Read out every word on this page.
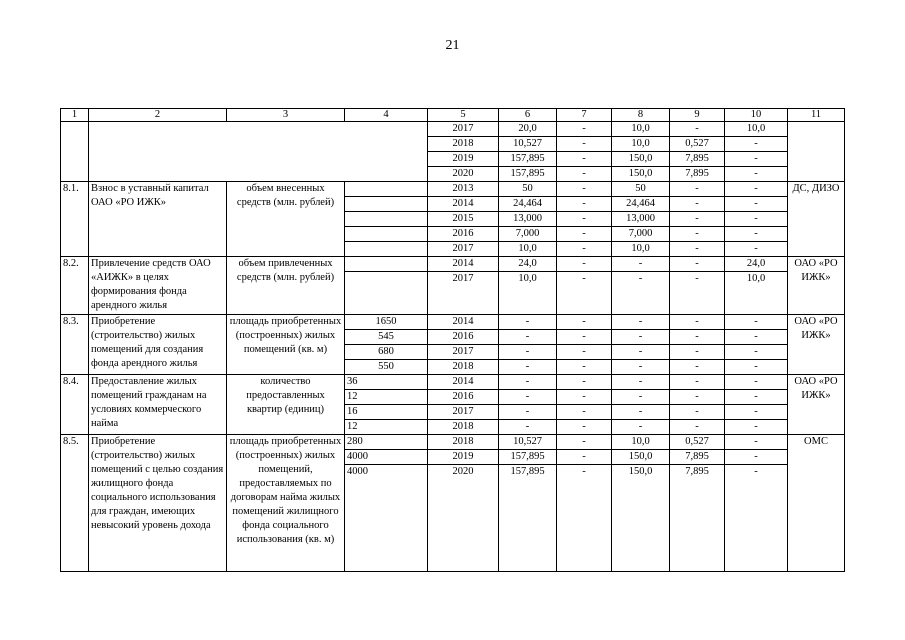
21
1	2	3	4	5	6	7	8	9	10	11
				2017	20,0	-	10,0	-	10,0	
				2018	10,527	-	10,0	0,527	-	
				2019	157,895	-	150,0	7,895	-	
				2020	157,895	-	150,0	7,895	-	
8.1.	Взнос в уставный капитал ОАО «РО ИЖК»	объем внесенных средств (млн. рублей)		2013	50	-	50	-	-	ДС, ДИЗО
				2014	24,464	-	24,464	-	-	
				2015	13,000	-	13,000	-	-	
				2016	7,000	-	7,000	-	-	
				2017	10,0	-	10,0	-	-	
8.2.	Привлечение средств ОАО «АИЖК» в целях формирования фонда арендного жилья	объем привлеченных средств (млн. рублей)		2014	24,0	-	-	-	24,0	ОАО «РО ИЖК»
				2017	10,0	-	-	-	10,0	
8.3.	Приобретение (строительство) жилых помещений для создания фонда арендного жилья	площадь приобретенных (построенных) жилых помещений (кв. м)	1650	2014	-	-	-	-	-	ОАО «РО ИЖК»
			545	2016	-	-	-	-	-	
			680	2017	-	-	-	-	-	
			550	2018	-	-	-	-	-	
8.4.	Предоставление жилых помещений гражданам на условиях коммерческого найма	количество предоставленных квартир (единиц)	36	2014	-	-	-	-	-	ОАО «РО ИЖК»
			12	2016	-	-	-	-	-	
			16	2017	-	-	-	-	-	
			12	2018	-	-	-	-	-	
8.5.	Приобретение (строительство) жилых помещений с целью создания жилищного фонда социального использования для граждан, имеющих невысокий уровень дохода	площадь приобретенных (построенных) жилых помещений, предоставляемых по договорам найма жилых помещений жилищного фонда социального использования (кв. м)	280	2018	10,527	-	10,0	0,527	-	ОМС
			4000	2019	157,895	-	150,0	7,895	-	
			4000	2020	157,895	-	150,0	7,895	-	
